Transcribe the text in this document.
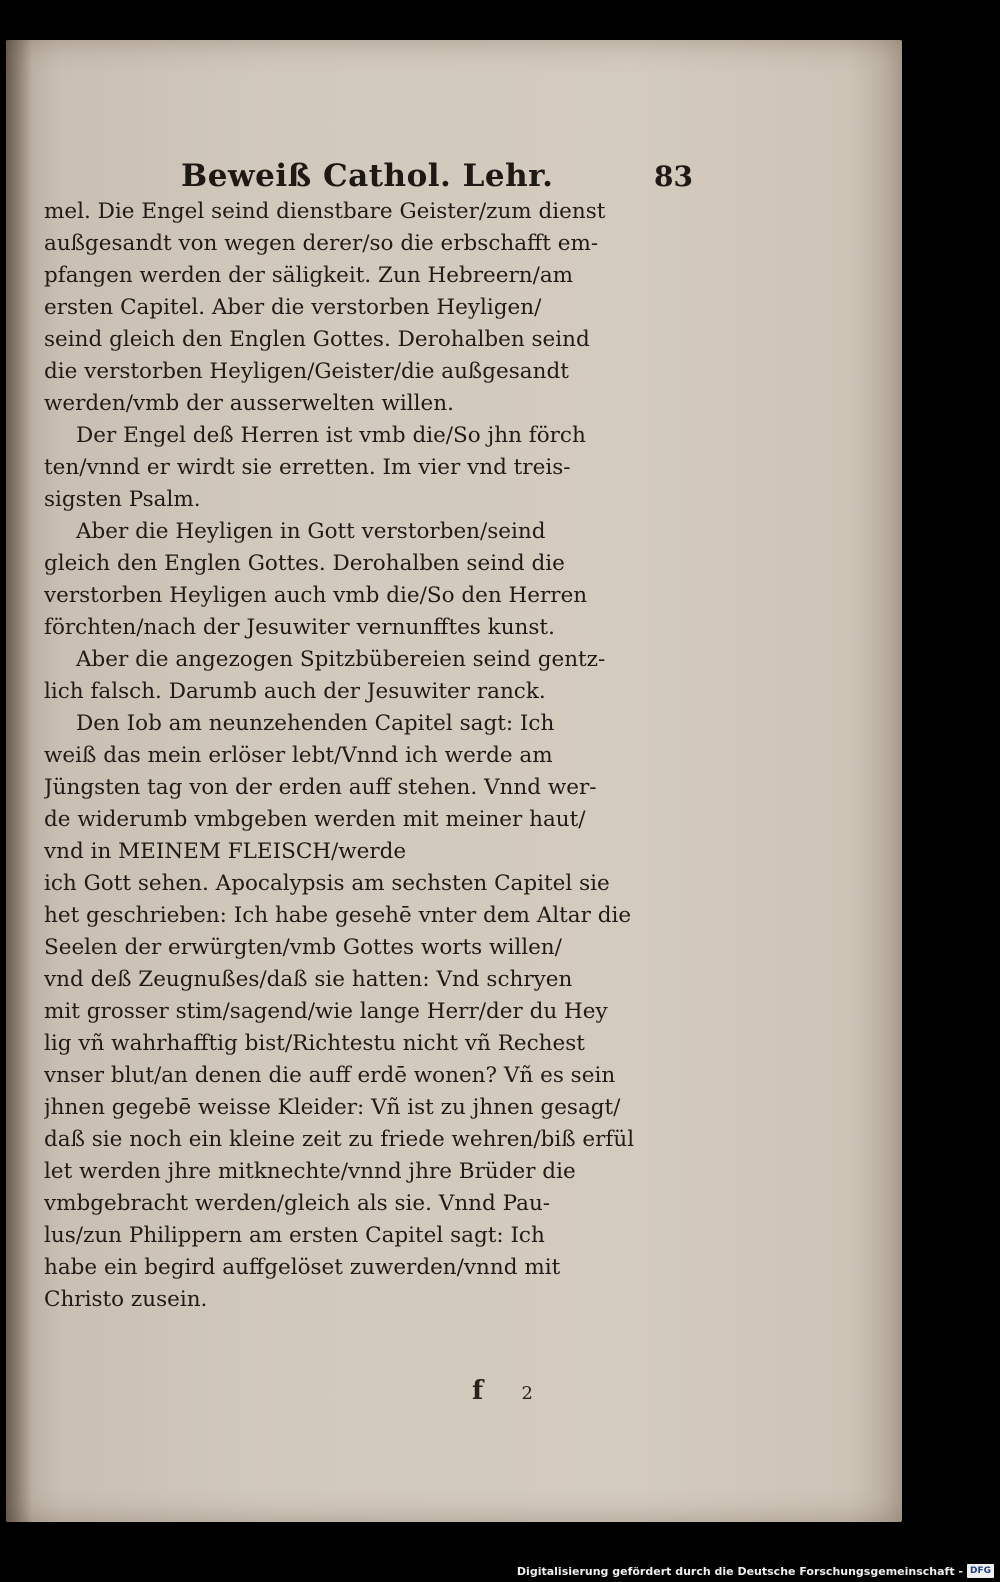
Beweiß Cathol. Lehr.	83
mel. Die Engel seind dienstbare Geister/zum dienst
außgesandt von wegen derer/so die erbschafft em-
pfangen werden der säligkeit. Zun Hebreern/am
ersten Capitel. Aber die verstorben Heyligen/
seind gleich den Englen Gottes. Derohalben seind
die verstorben Heyligen/Geister/die außgesandt
werden/vmb der ausserwelten willen.
Der Engel deß Herren ist vmb die/So jhn förch
ten/vnnd er wirdt sie erretten. Im vier vnd treis-
sigsten Psalm.
Aber die Heyligen in Gott verstorben/seind
gleich den Englen Gottes. Derohalben seind die
verstorben Heyligen auch vmb die/So den Herren
förchten/nach der Jesuwiter vernunfftes kunst.
Aber die angezogen Spitzbübereien seind gentz-
lich falsch. Darumb auch der Jesuwiter ranck.
Den Iob am neunzehenden Capitel sagt: Ich
weiß das mein erlöser lebt/Vnnd ich werde am
Jüngsten tag von der erden auff stehen. Vnnd wer-
de widerumb vmbgeben werden mit meiner haut/
vnd in MEINEM FLEISCH/werde
ich Gott sehen. Apocalypsis am sechsten Capitel sie
het geschrieben: Ich habe gesehē vnter dem Altar die
Seelen der erwürgten/vmb Gottes worts willen/
vnd deß Zeugnußes/daß sie hatten: Vnd schryen
mit grosser stim/sagend/wie lange Herr/der du Hey
lig vñ wahrhafftig bist/Richtestu nicht vñ Rechest
vnser blut/an denen die auff erdē wonen? Vñ es sein
jhnen gegebē weisse Kleider: Vñ ist zu jhnen gesagt/
daß sie noch ein kleine zeit zu friede wehren/biß erfül
let werden jhre mitknechte/vnnd jhre Brüder die
vmbgebracht werden/gleich als sie. Vnnd Pau-
lus/zun Philippern am ersten Capitel sagt: Ich
habe ein begird auffgelöset zuwerden/vnnd mit
Christo zusein.
f 2
Digitalisierung gefördert durch die Deutsche Forschungsgemeinschaft - DFG
